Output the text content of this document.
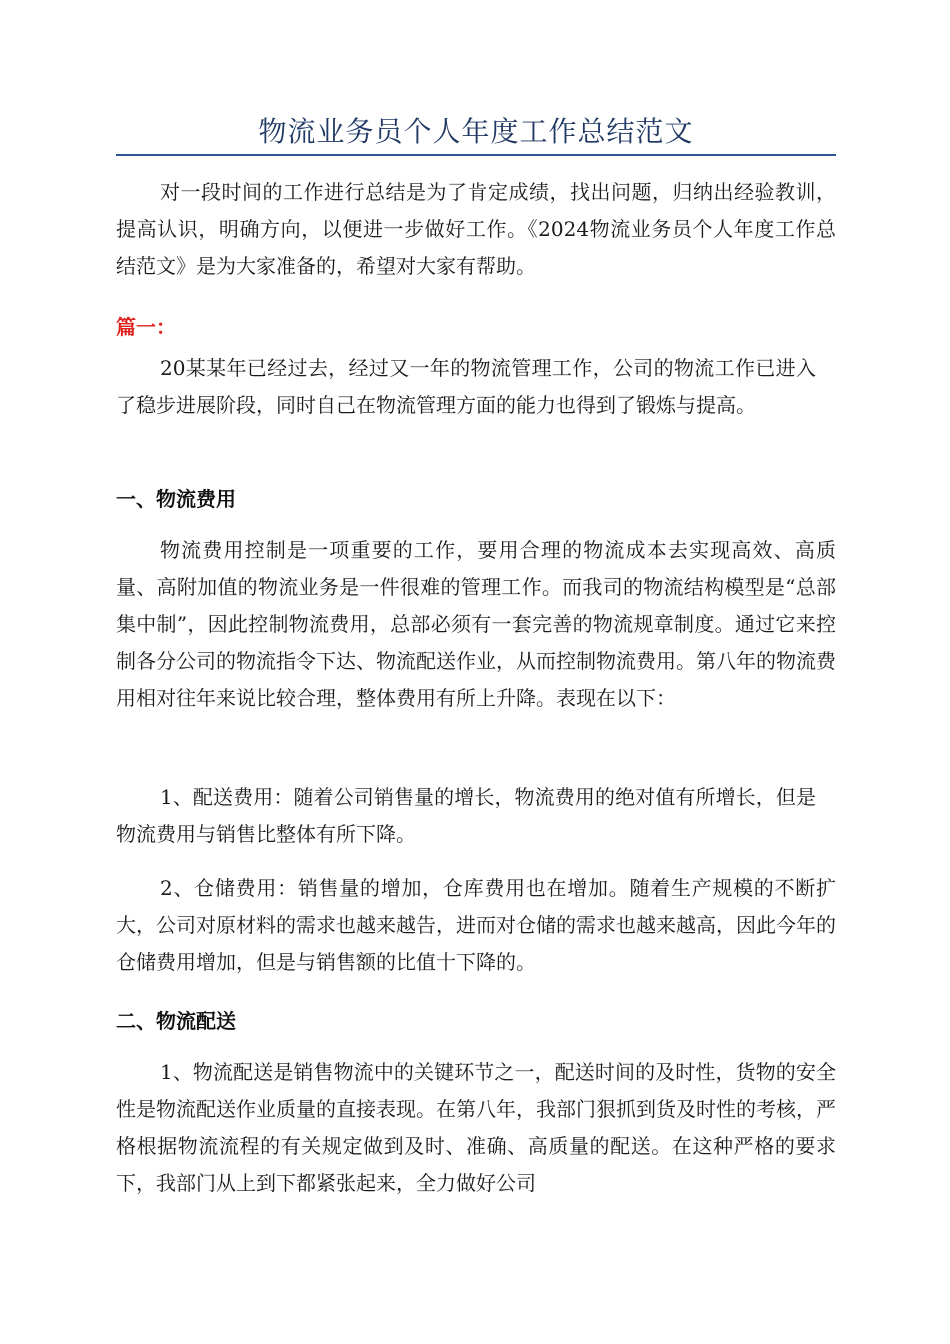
物流业务员个人年度工作总结范文

对一段时间的工作进行总结是为了肯定成绩，找出问题，归纳出经验教训，提高认识，明确方向，以便进一步做好工作。《2024物流业务员个人年度工作总结范文》是为大家准备的，希望对大家有帮助。

篇一：

20某某年已经过去，经过又一年的物流管理工作，公司的物流工作已进入了稳步进展阶段，同时自己在物流管理方面的能力也得到了锻炼与提高。

一、物流费用

物流费用控制是一项重要的工作，要用合理的物流成本去实现高效、高质量、高附加值的物流业务是一件很难的管理工作。而我司的物流结构模型是“总部集中制”，因此控制物流费用，总部必须有一套完善的物流规章制度。通过它来控制各分公司的物流指令下达、物流配送作业，从而控制物流费用。第八年的物流费用相对往年来说比较合理，整体费用有所上升降。表现在以下：

1、配送费用：随着公司销售量的增长，物流费用的绝对值有所增长，但是物流费用与销售比整体有所下降。

2、仓储费用：销售量的增加，仓库费用也在增加。随着生产规模的不断扩大，公司对原材料的需求也越来越告，进而对仓储的需求也越来越高，因此今年的仓储费用增加，但是与销售额的比值十下降的。

二、物流配送

1、物流配送是销售物流中的关键环节之一，配送时间的及时性，货物的安全性是物流配送作业质量的直接表现。在第八年，我部门狠抓到货及时性的考核，严格根据物流流程的有关规定做到及时、准确、高质量的配送。在这种严格的要求下，我部门从上到下都紧张起来，全力做好公司
